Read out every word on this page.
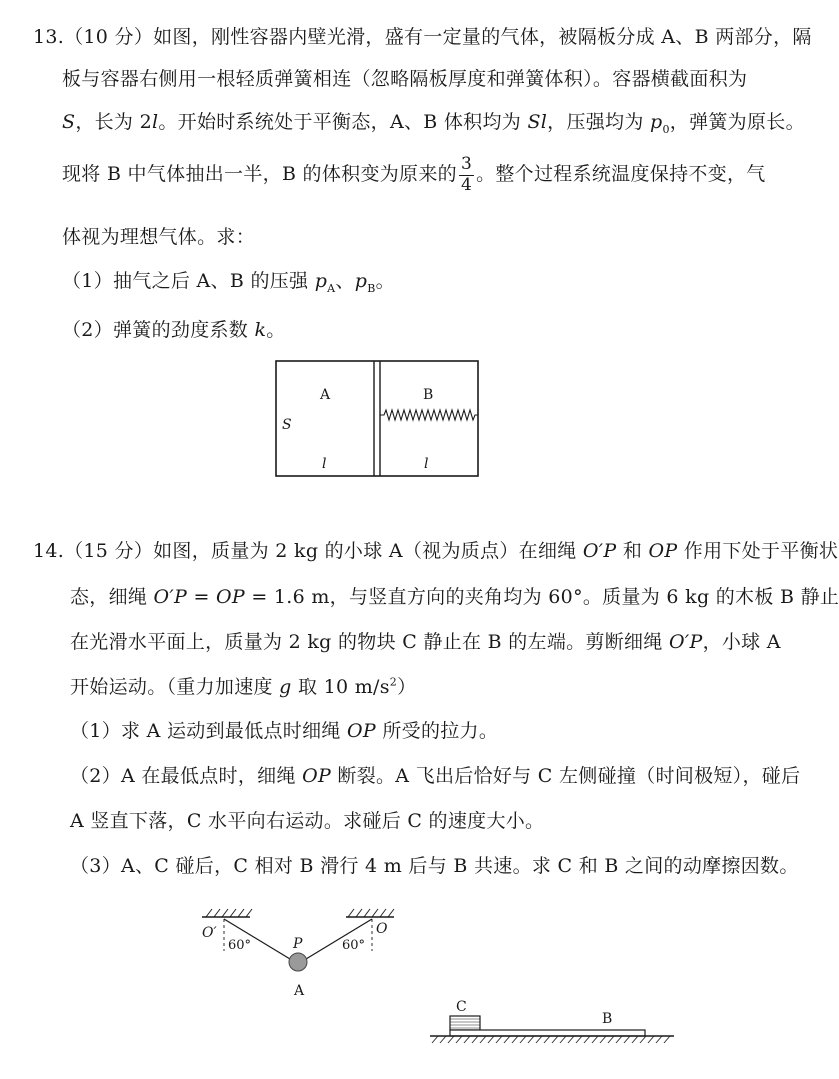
13.（10 分）如图，刚性容器内壁光滑，盛有一定量的气体，被隔板分成 A、B 两部分，隔
板与容器右侧用一根轻质弹簧相连（忽略隔板厚度和弹簧体积）。容器横截面积为
S，长为 2l。开始时系统处于平衡态，A、B 体积均为 Sl，压强均为 $p_0$，弹簧为原长。
现将 B 中气体抽出一半，B 的体积变为原来的 $\frac{3}{4}$ 。整个过程系统温度保持不变，气
体视为理想气体。求：
（1）抽气之后 A、B 的压强 $p_A$、$p_B$。
（2）弹簧的劲度系数 k。
A	B
S
l	l
14.（15 分）如图，质量为 2 kg 的小球 A（视为质点）在细绳 O′P 和 OP 作用下处于平衡状
态，细绳 O′P = OP = 1.6 m，与竖直方向的夹角均为 60°。质量为 6 kg 的木板 B 静止
在光滑水平面上，质量为 2 kg 的物块 C 静止在 B 的左端。剪断细绳 O′P，小球 A
开始运动。（重力加速度 g 取 10 $m/s^2$）
（1）求 A 运动到最低点时细绳 OP 所受的拉力。
（2）A 在最低点时，细绳 OP 断裂。A 飞出后恰好与 C 左侧碰撞（时间极短），碰后
A 竖直下落，C 水平向右运动。求碰后 C 的速度大小。
（3）A、C 碰后，C 相对 B 滑行 4 m 后与 B 共速。求 C 和 B 之间的动摩擦因数。
O′	O
P
60°	60°
A
C
B
